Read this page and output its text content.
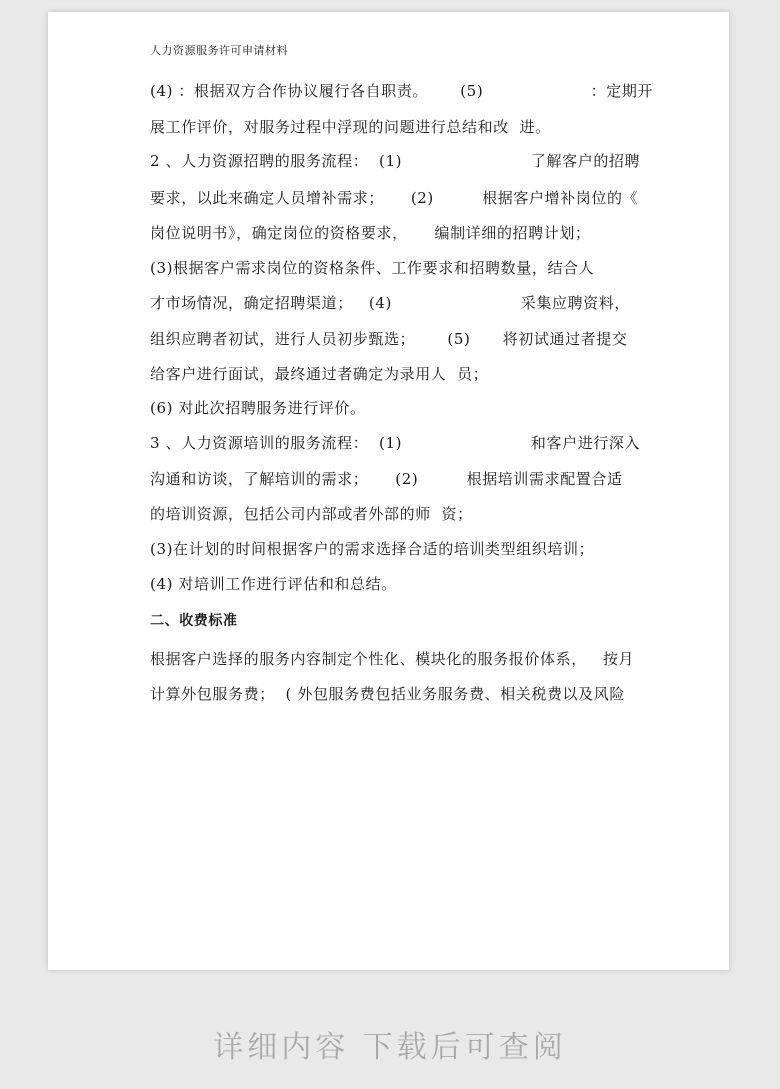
人力资源服务许可申请材料
(4) ：根据双方合作协议履行各自职责。      (5)                    ：定期开
展工作评价，对服务过程中浮现的问题进行总结和改  进。
2 、人力资源招聘的服务流程：  (1)                        了解客户的招聘
要求，以此来确定人员增补需求；     (2)         根据客户增补岗位的《
岗位说明书》，确定岗位的资格要求，     编制详细的招聘计划；
(3)根据客户需求岗位的资格条件、工作要求和招聘数量，结合人
才市场情况，确定招聘渠道；   (4)                        采集应聘资料，
组织应聘者初试，进行人员初步甄选；      (5)      将初试通过者提交
给客户进行面试，最终通过者确定为录用人  员；
(6) 对此次招聘服务进行评价。
3 、人力资源培训的服务流程：  (1)                        和客户进行深入
沟通和访谈，了解培训的需求；     (2)         根据培训需求配置合适
的培训资源，包括公司内部或者外部的师  资；
(3)在计划的时间根据客户的需求选择合适的培训类型组织培训；
(4) 对培训工作进行评估和和总结。
二、收费标准
根据客户选择的服务内容制定个性化、模块化的服务报价体系，   按月
计算外包服务费；  ( 外包服务费包括业务服务费、相关税费以及风险
详细内容 下载后可查阅
